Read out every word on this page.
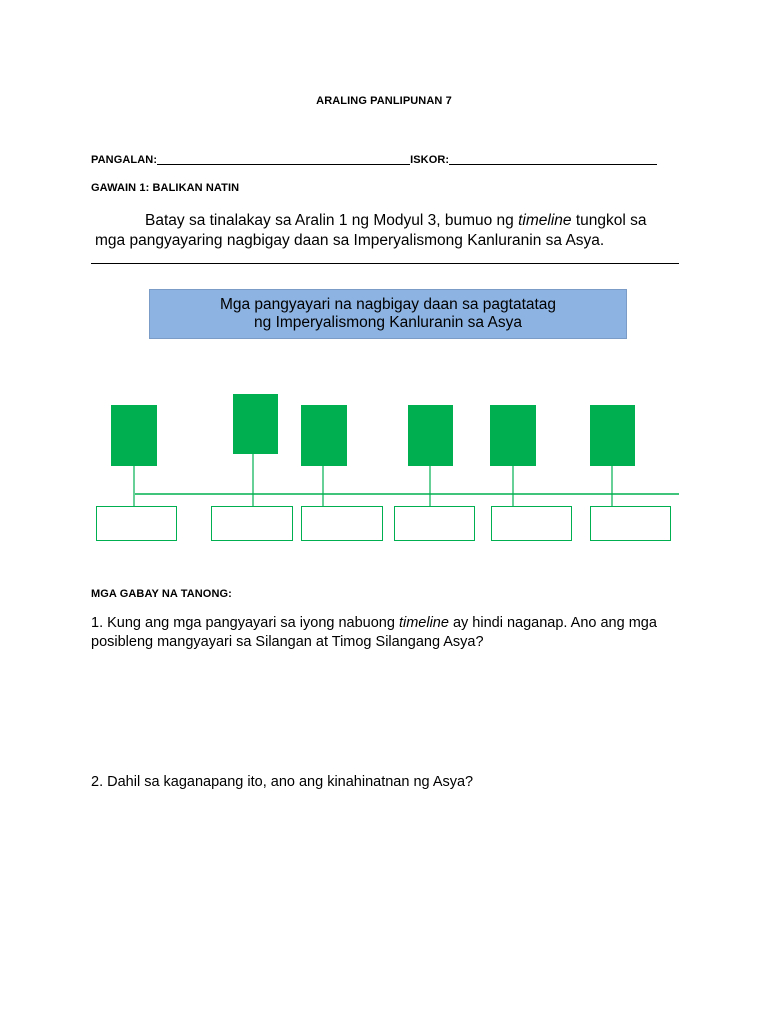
ARALING PANLIPUNAN 7
PANGALAN:	ISKOR:
GAWAIN 1: BALIKAN NATIN
Batay sa tinalakay sa Aralin 1 ng Modyul 3, bumuo ng timeline tungkol sa mga pangyayaring nagbigay daan sa Imperyalismong Kanluranin sa Asya.
Mga pangyayari na nagbigay daan sa pagtatatag
ng Imperyalismong Kanluranin sa Asya
MGA GABAY NA TANONG:
1. Kung ang mga pangyayari sa iyong nabuong timeline ay hindi naganap. Ano ang mga posibleng mangyayari sa Silangan at Timog Silangang Asya?
2. Dahil sa kaganapang ito, ano ang kinahinatnan ng Asya?
